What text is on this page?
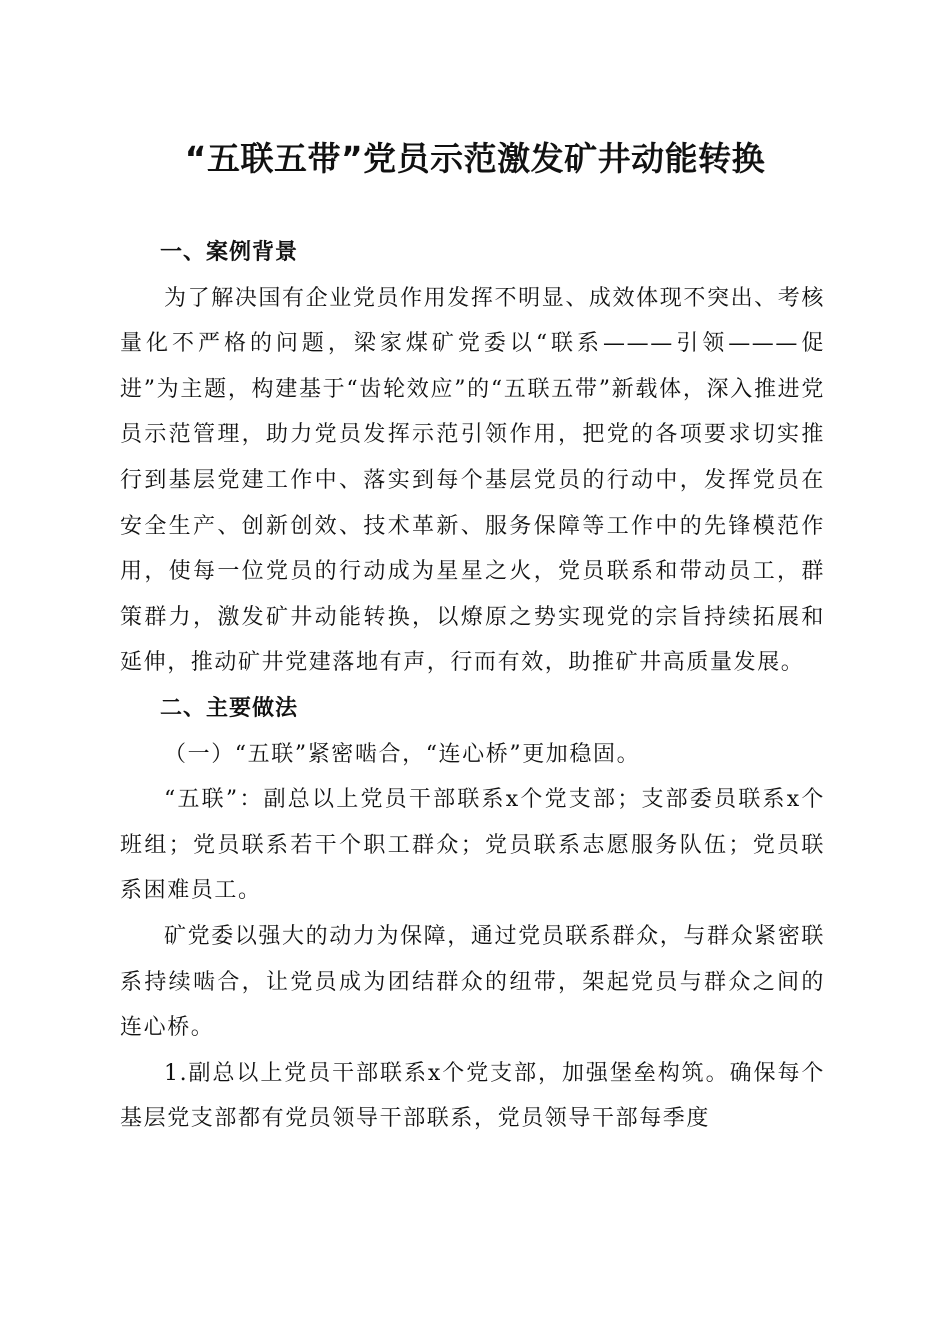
“五联五带”党员示范激发矿井动能转换
一、案例背景

为了解决国有企业党员作用发挥不明显、成效体现不突出、考核量化不严格的问题，梁家煤矿党委以“联系———引领———促进”为主题，构建基于“齿轮效应”的“五联五带”新载体，深入推进党员示范管理，助力党员发挥示范引领作用，把党的各项要求切实推行到基层党建工作中、落实到每个基层党员的行动中，发挥党员在安全生产、创新创效、技术革新、服务保障等工作中的先锋模范作用，使每一位党员的行动成为星星之火，党员联系和带动员工，群策群力，激发矿井动能转换，以燎原之势实现党的宗旨持续拓展和延伸，推动矿井党建落地有声，行而有效，助推矿井高质量发展。

二、主要做法
（一）“五联”紧密啮合，“连心桥”更加稳固。

“五联”：副总以上党员干部联系x个党支部；支部委员联系x个班组；党员联系若干个职工群众；党员联系志愿服务队伍；党员联系困难员工。

矿党委以强大的动力为保障，通过党员联系群众，与群众紧密联系持续啮合，让党员成为团结群众的纽带，架起党员与群众之间的连心桥。

1.副总以上党员干部联系x个党支部，加强堡垒构筑。确保每个基层党支部都有党员领导干部联系，党员领导干部每季度
